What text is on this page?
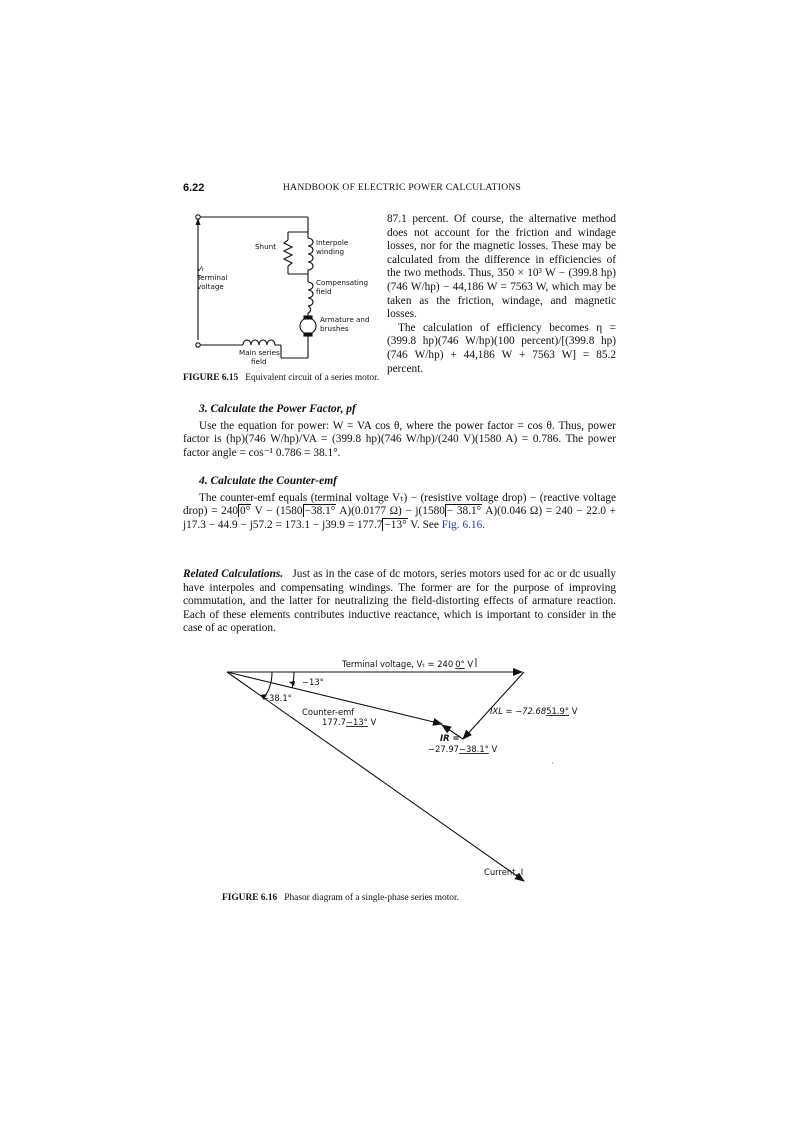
6.22	HANDBOOK OF ELECTRIC POWER CALCULATIONS
Shunt	Interpole
winding
Vₜ
Terminal
voltage	Compensating
field
Armature and
brushes
Main series
field
FIGURE 6.15 Equivalent circuit of a series motor.

87.1 percent. Of course, the alternative method does not account for the friction and windage losses, nor for the magnetic losses. These may be calculated from the difference in efficiencies of the two methods. Thus, 350 × 10³ W − (399.8 hp)(746 W/hp) − 44,186 W = 7563 W, which may be taken as the friction, windage, and magnetic losses.

The calculation of efficiency becomes η = (399.8 hp)(746 W/hp)(100 percent)/[(399.8 hp)(746 W/hp) + 44,186 W + 7563 W] = 85.2 percent.

3. Calculate the Power Factor, pf

Use the equation for power: W = VA cos θ, where the power factor = cos θ. Thus, power factor is (hp)(746 W/hp)/VA = (399.8 hp)(746 W/hp)/(240 V)(1580 A) = 0.786. The power factor angle = cos⁻¹ 0.786 = 38.1°.

4. Calculate the Counter-emf

The counter-emf equals (terminal voltage Vₜ) − (resistive voltage drop) − (reactive voltage drop) = 240 0° V − (1580 −38.1° A)(0.0177 Ω) − j(1580 − 38.1° A)(0.046 Ω) = 240 − 22.0 + j17.3 − 44.9 − j57.2 = 173.1 − j39.9 = 177.7 −13° V. See Fig. 6.16.

Related Calculations. Just as in the case of dc motors, series motors used for ac or dc usually have interpoles and compensating windings. The former are for the purpose of improving commutation, and the latter for neutralizing the field-distorting effects of armature reaction. Each of these elements contributes inductive reactance, which is important to consider in the case of ac operation.

Terminal voltage, Vₜ = 240 0° V
−13°
−38.1°
Counter-emf
177.7−13° V
IXL = −72.6851.9° V
IR =
−27.97−38.1° V
Current, I
FIGURE 6.16 Phasor diagram of a single-phase series motor.
